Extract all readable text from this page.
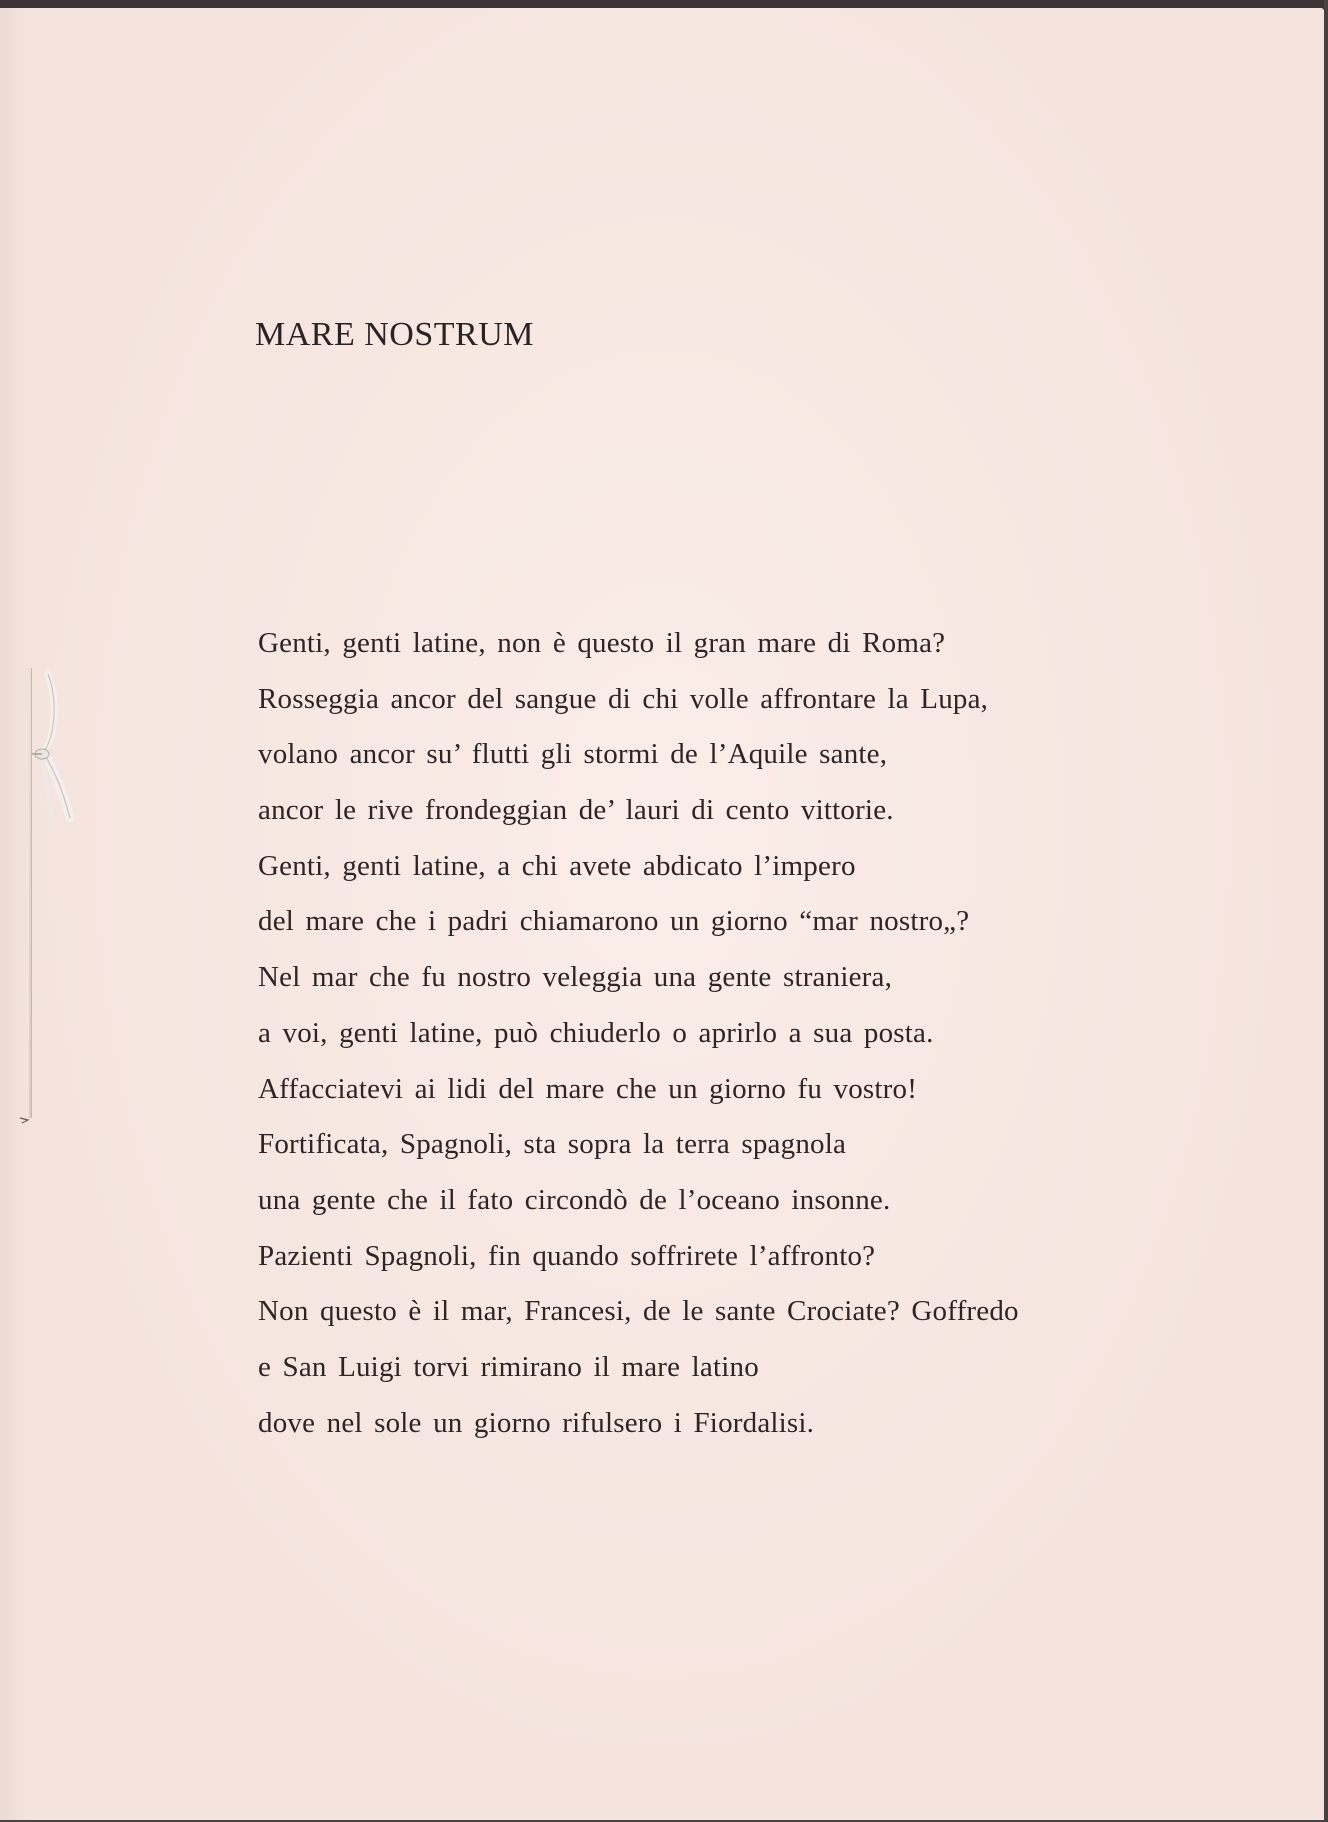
MARE NOSTRUM
Genti, genti latine, non è questo il gran mare di Roma?
Rosseggia ancor del sangue di chi volle affrontare la Lupa,
volano ancor su’ flutti gli stormi de l’Aquile sante,
ancor le rive frondeggian de’ lauri di cento vittorie.
Genti, genti latine, a chi avete abdicato l’impero
del mare che i padri chiamarono un giorno “mar nostro„?
Nel mar che fu nostro veleggia una gente straniera,
a voi, genti latine, può chiuderlo o aprirlo a sua posta.
Affacciatevi ai lidi del mare che un giorno fu vostro!
Fortificata, Spagnoli, sta sopra la terra spagnola
una gente che il fato circondò de l’oceano insonne.
Pazienti Spagnoli, fin quando soffrirete l’affronto?
Non questo è il mar, Francesi, de le sante Crociate? Goffredo
e San Luigi torvi rimirano il mare latino
dove nel sole un giorno rifulsero i Fiordalisi.
